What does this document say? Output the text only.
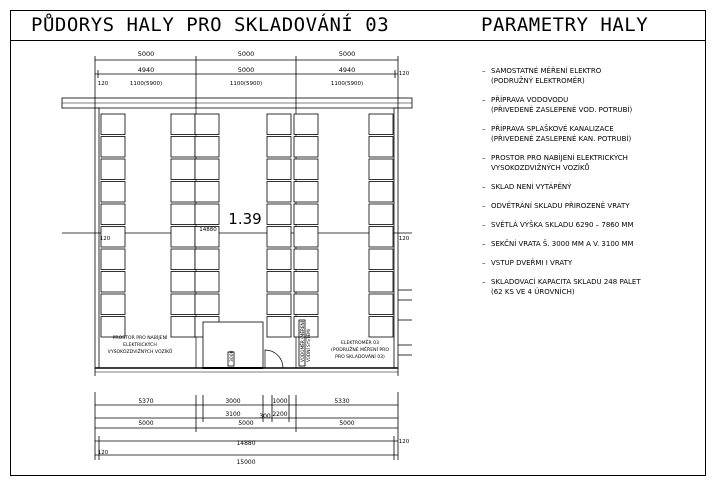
PŮDORYS HALY PRO SKLADOVÁNÍ 03	PARAMETRY HALY
5000	5000	5000
4940	5000	4940
1100(5900)	1100(5900)	1100(5900)
120
120
1.39
14880
120	120
5370	3000	1000	5330
3100	300 2200
5000	5000	5000
14880
15000
120
120
3000
PROSTOR PRO NABÍJENÍ
ELEKTRICKÝCH
VYSOKOZDVIŽNÝCH VOZÍKŮ	VODOMĚR (MĚŘENÍ VODNÍ SYSTÉM)	ELEKTROMĚR 03
(PODRUŽNÉ MĚŘENÍ PRO
PRO SKLADOVÁNÍ 03)
– SAMOSTATNÉ MĚŘENÍ ELEKTRO
(PODRUŽNÝ ELEKTROMĚR)
– PŘÍPRAVA VODOVODU
(PŘIVEDENÉ ZASLEPENÉ VOD. POTRUBÍ)
– PŘÍPRAVA SPLAŠKOVÉ KANALIZACE
(PŘIVEDENÉ ZASLEPENÉ KAN. POTRUBÍ)
– PROSTOR PRO NABÍJENÍ ELEKTRICKÝCH
VYSOKOZDVIŽNÝCH VOZÍKŮ
– SKLAD NENÍ VYTÁPĚNÝ
– ODVĚTRÁNÍ SKLADU PŘIROZENĚ VRATY
– SVĚTLÁ VÝŠKA SKLADU 6290 – 7860 MM
– SEKČNÍ VRATA Š. 3000 MM A V. 3100 MM
– VSTUP DVEŘMI I VRATY
– SKLADOVACÍ KAPACITA SKLADU 248 PALET
(62 KS VE 4 ÚROVNÍCH)
